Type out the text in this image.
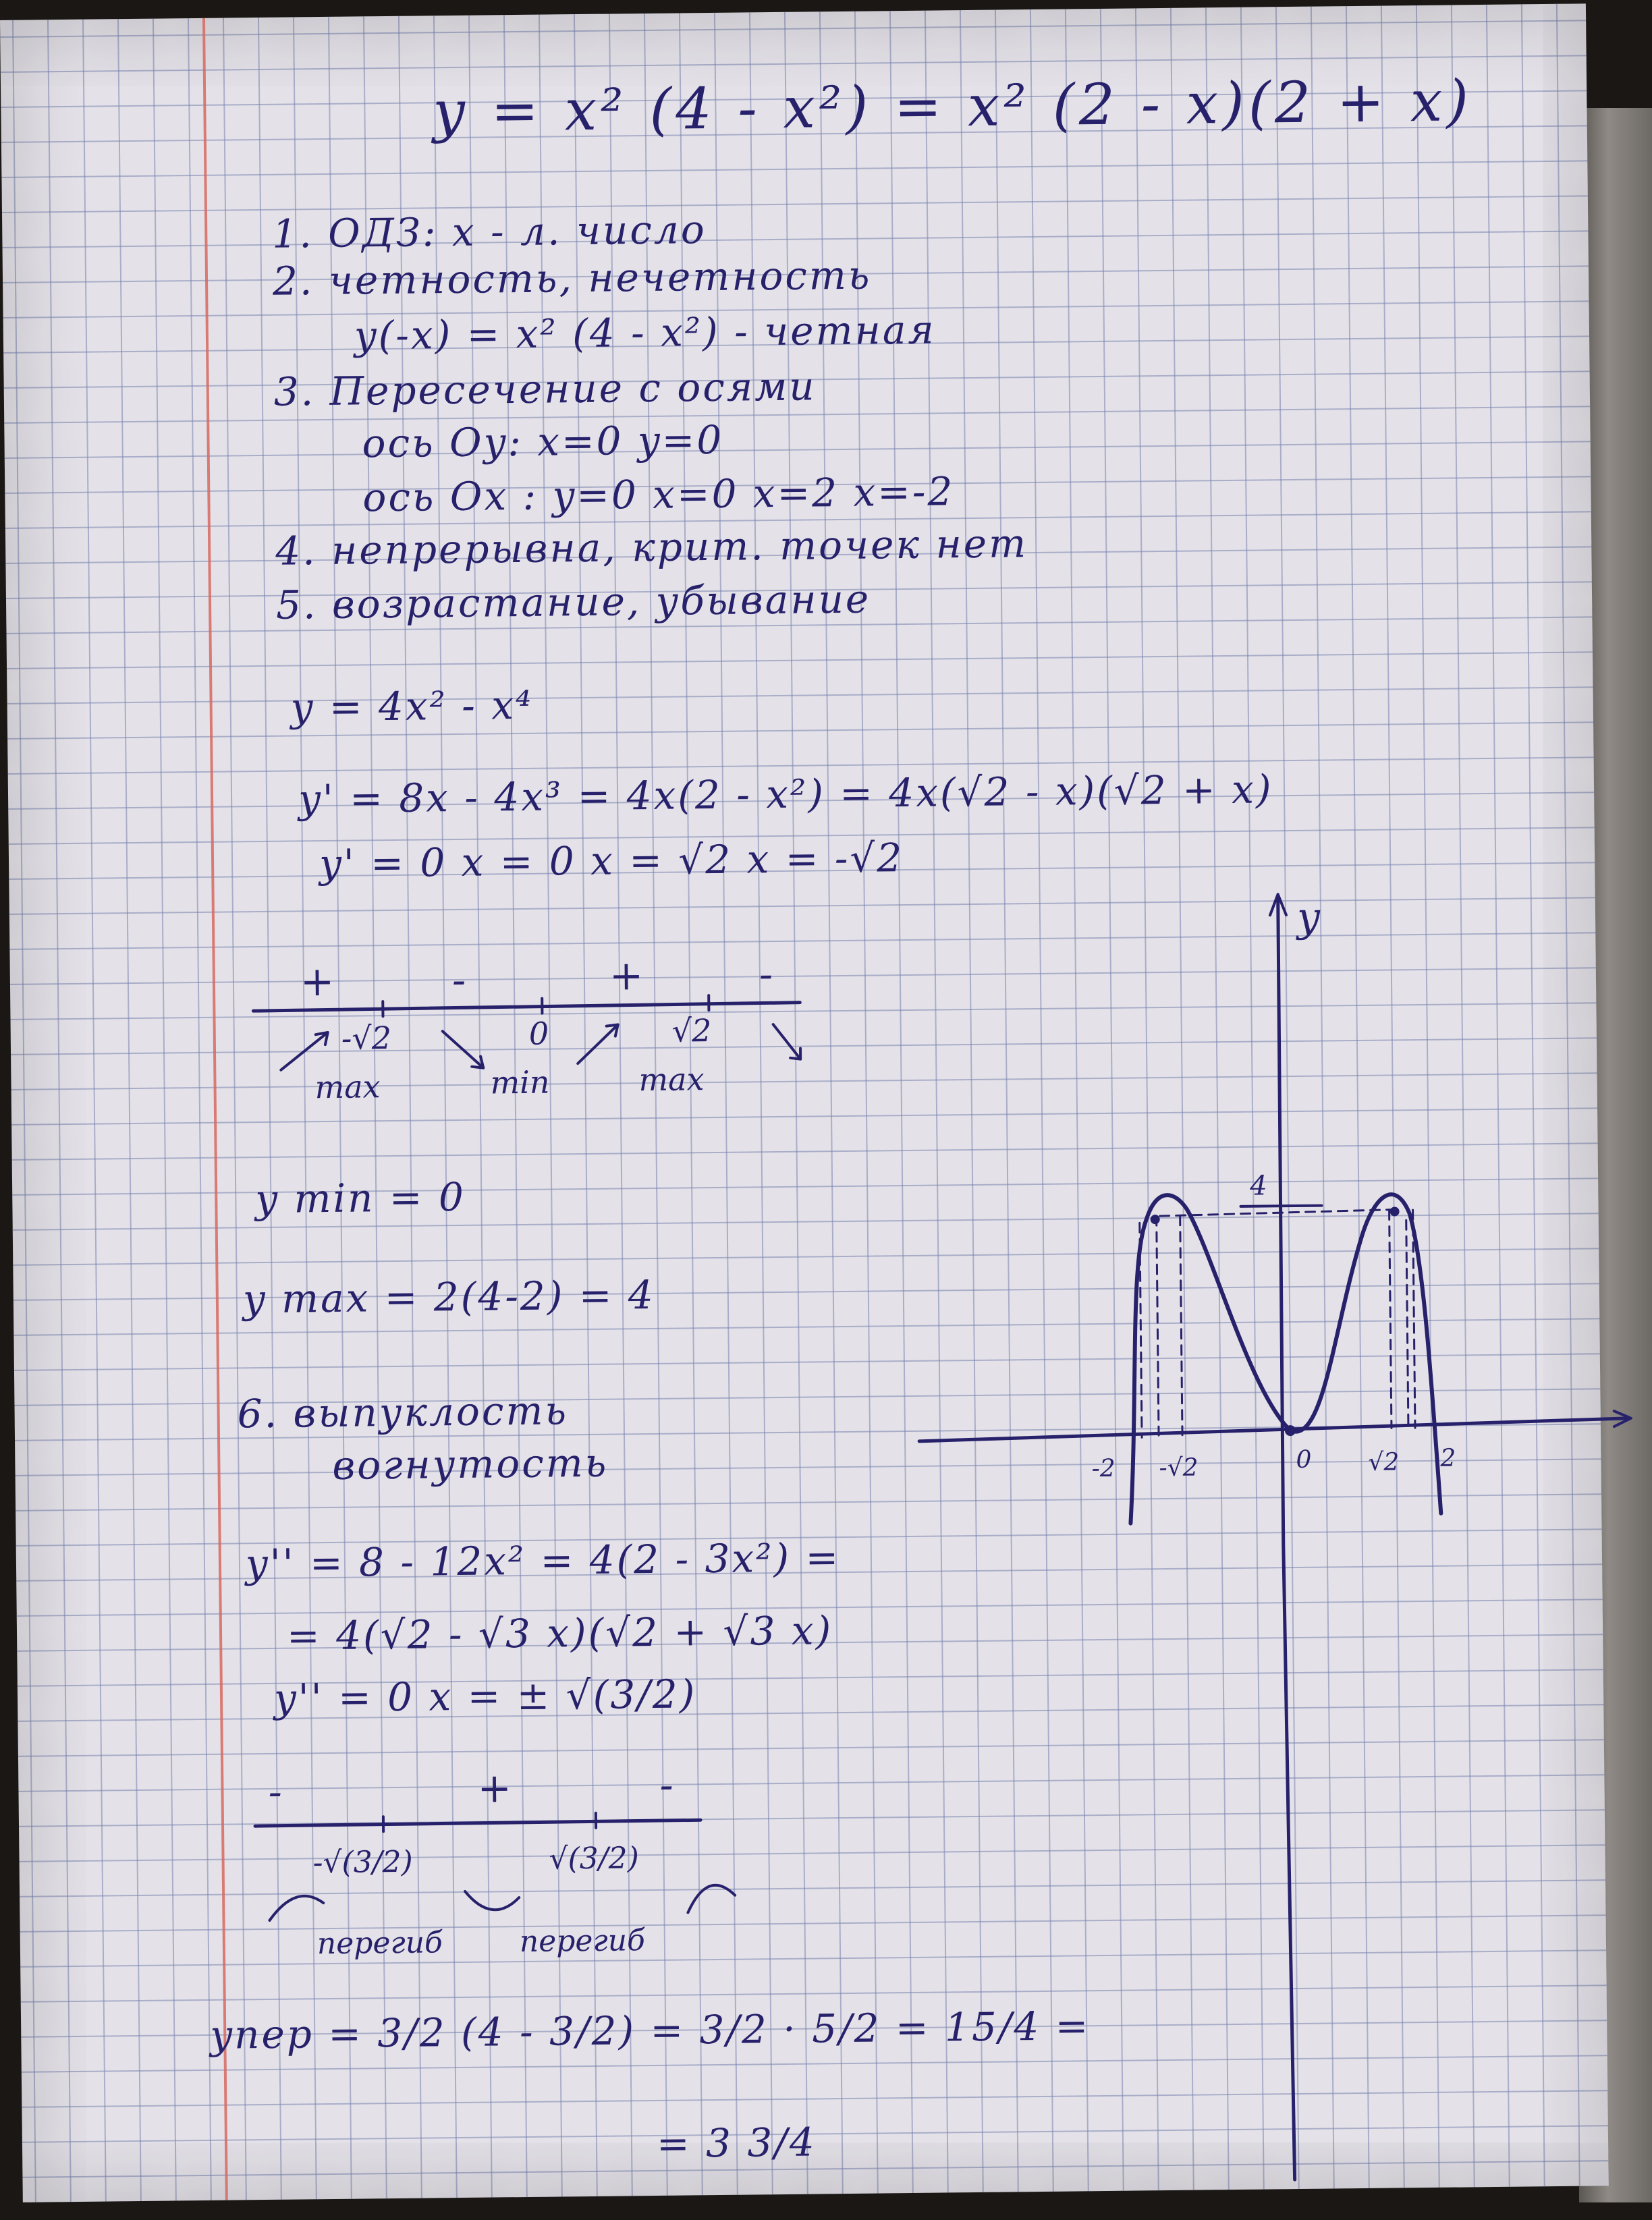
y = x² (4 - x²) = x² (2 - x)(2 + x)
1. ОДЗ: x - л. число
2. четность, нечетность
y(-x) = x² (4 - x²) - четная
3. Пересечение с осями
ось Oy: x=0 y=0
ось Ox : y=0 x=0 x=2 x=-2
4. непрерывна, крит. точек нет
5. возрастание, убывание
y = 4x² - x⁴
y' = 8x - 4x³ = 4x(2 - x²) = 4x(√2 - x)(√2 + x)
y' = 0 x = 0 x = √2 x = -√2
+	-	+	-
-√2	0	√2
max	min	max
y min = 0
y max = 2(4-2) = 4
6. выпуклость
вогнутость
y'' = 8 - 12x² = 4(2 - 3x²) =
= 4(√2 - √3 x)(√2 + √3 x)
y'' = 0 x = ± √(3/2)
-	+	-
-√(3/2)	√(3/2)
перегиб	перегиб
yпер = 3/2 (4 - 3/2) = 3/2 · 5/2 = 15/4 =
= 3 3/4
y
4
-2 -√2	0 √2 2
